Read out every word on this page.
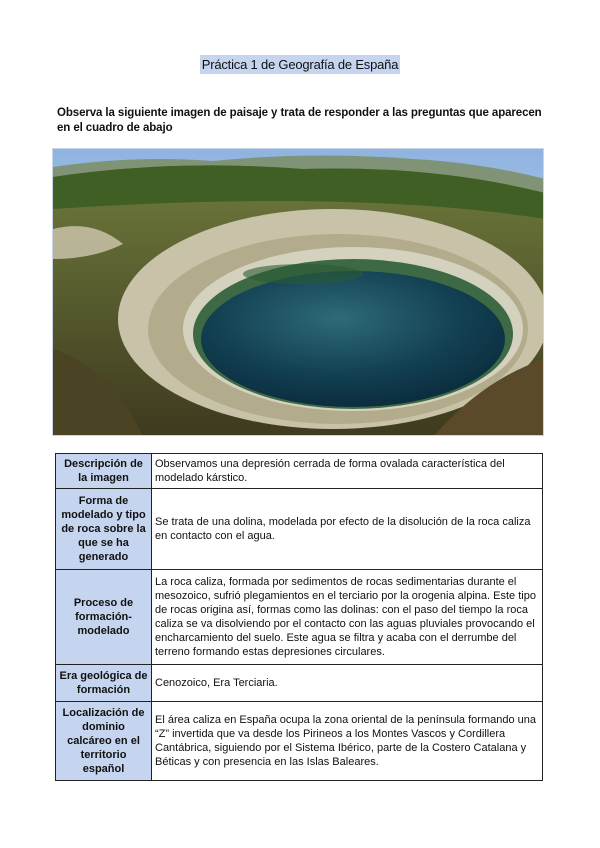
Práctica 1 de Geografía de España
Observa la siguiente imagen de paisaje y trata de responder a las preguntas que aparecen en el cuadro de abajo
Descripción de la imagen	Observamos una depresión cerrada de forma ovalada característica del modelado kárstico.
Forma de modelado y tipo de roca sobre la que se ha generado	Se trata de una dolina, modelada por efecto de la disolución de la roca caliza en contacto con el agua.
Proceso de formación-modelado	La roca caliza, formada por sedimentos de rocas sedimentarias durante el mesozoico, sufrió plegamientos en el terciario por la orogenia alpina. Este tipo de rocas origina así, formas como las dolinas: con el paso del tiempo la roca caliza se va disolviendo por el contacto con las aguas pluviales provocando el encharcamiento del suelo. Este agua se filtra y acaba con el derrumbe del terreno formando estas depresiones circulares.
Era geológica de formación	Cenozoico, Era Terciaria.
Localización de dominio calcáreo en el territorio español	El área caliza en España ocupa la zona oriental de la península formando una “Z” invertida que va desde los Pirineos a los Montes Vascos y Cordillera Cantábrica, siguiendo por el Sistema Ibérico, parte de la Costero Catalana y Béticas y con presencia en las Islas Baleares.
